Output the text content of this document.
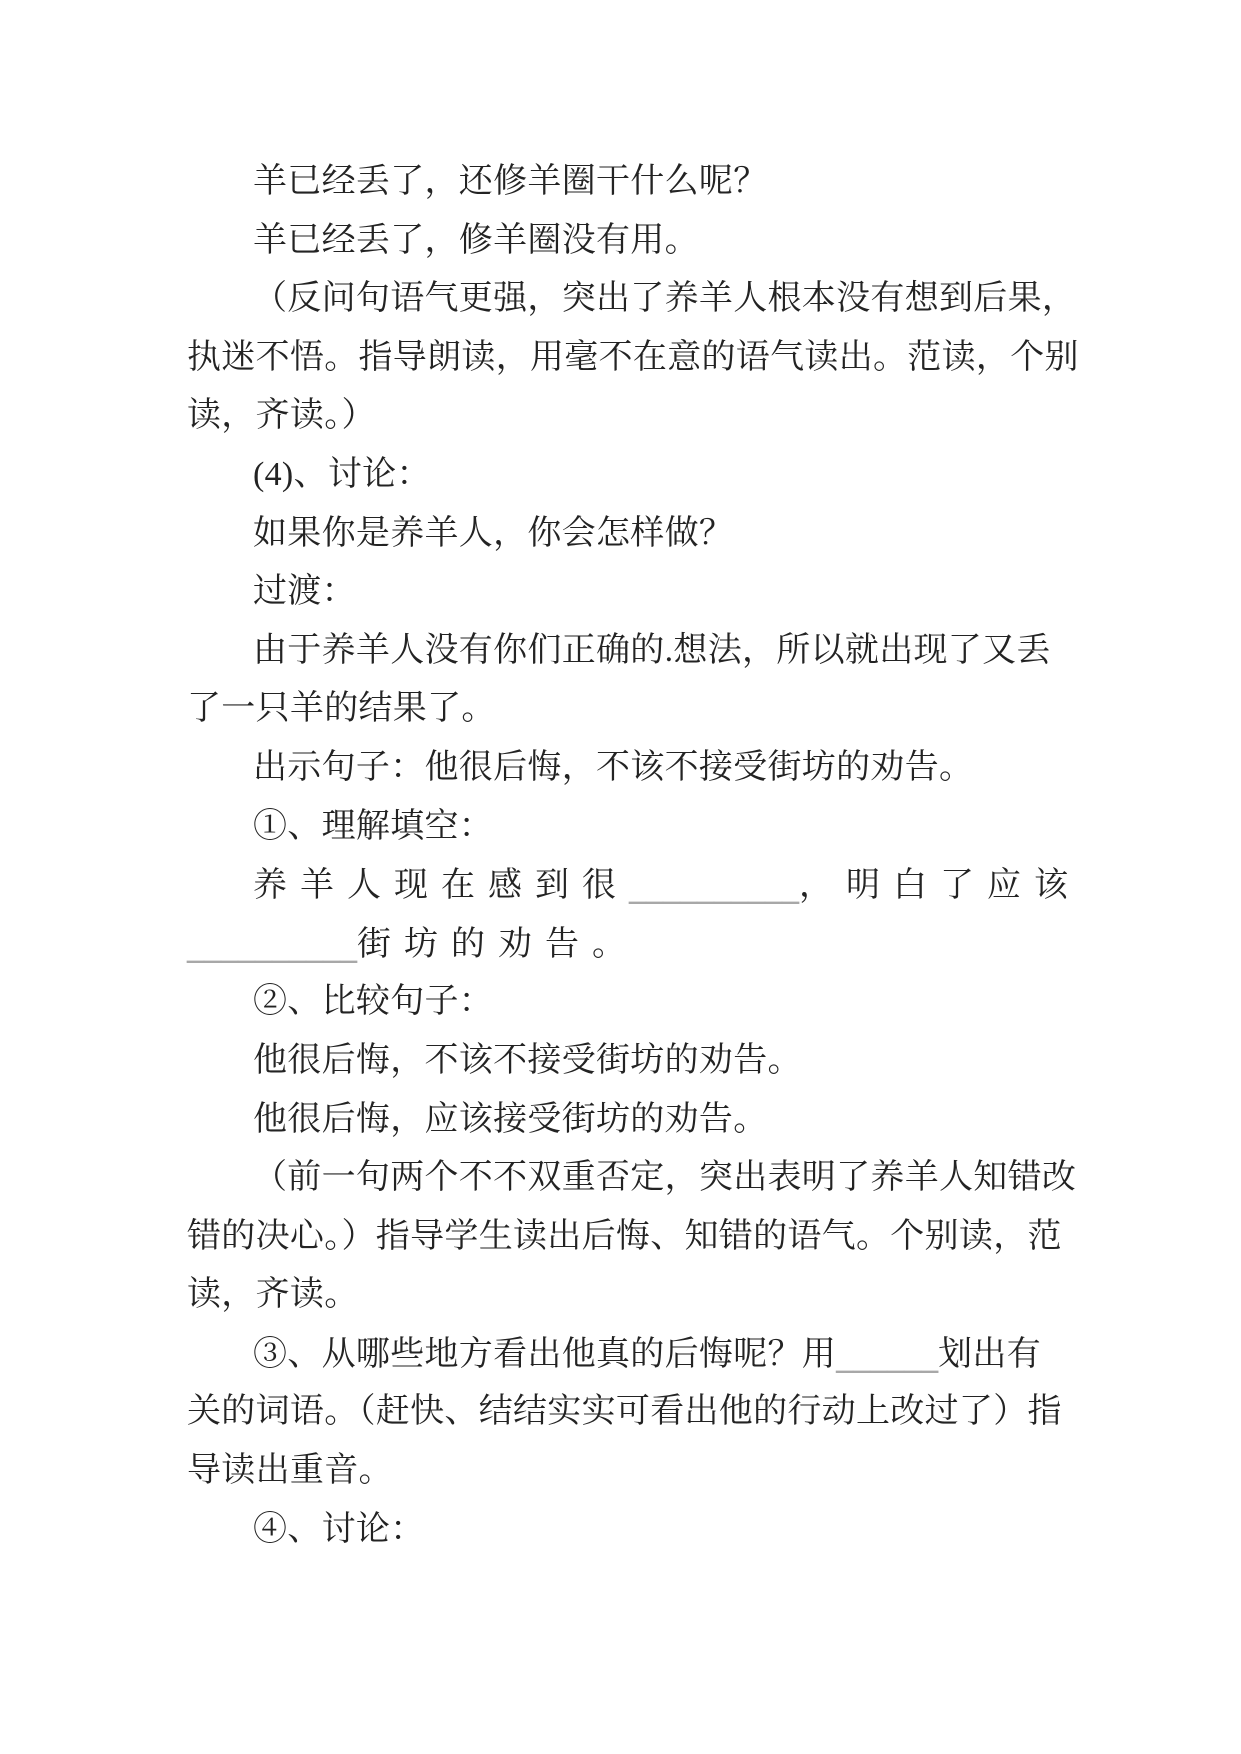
羊已经丢了，还修羊圈干什么呢？
羊已经丢了，修羊圈没有用。
（反问句语气更强，突出了养羊人根本没有想到后果，
执迷不悟。指导朗读，用毫不在意的语气读出。范读，个别
读，齐读。）
(4)、讨论：
如果你是养羊人，你会怎样做？
过渡：
由于养羊人没有你们正确的.想法，所以就出现了又丢
了一只羊的结果了。
出示句子：他很后悔，不该不接受街坊的劝告。
①、理解填空：
养羊人现在感到很__________，明白了应该
__________街坊的劝告。
②、比较句子：
他很后悔，不该不接受街坊的劝告。
他很后悔，应该接受街坊的劝告。
（前一句两个不不双重否定，突出表明了养羊人知错改
错的决心。）指导学生读出后悔、知错的语气。个别读，范
读，齐读。
③、从哪些地方看出他真的后悔呢？用______划出有
关的词语。（赶快、结结实实可看出他的行动上改过了）指
导读出重音。
④、讨论：
